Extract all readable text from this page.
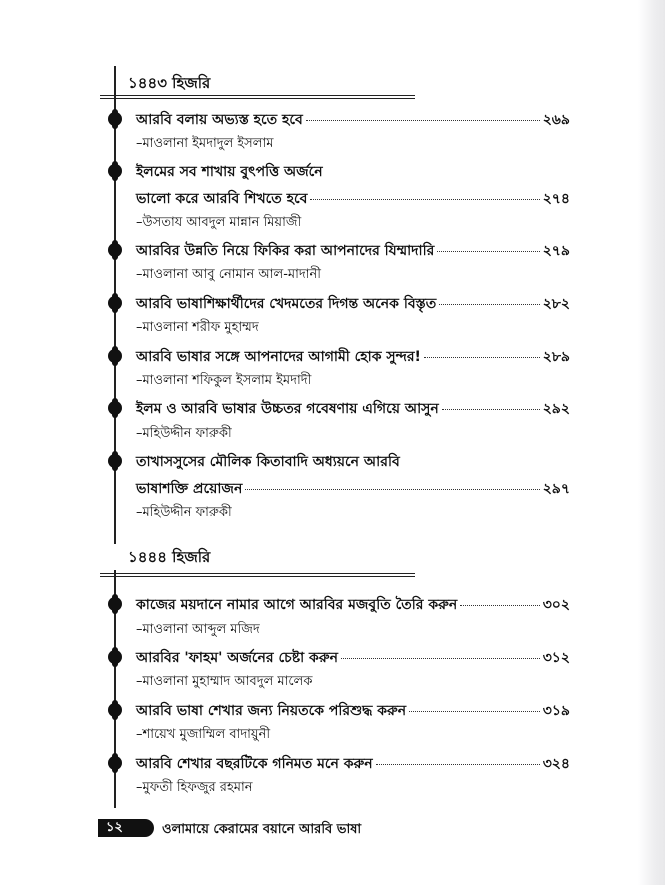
১৪৪৩ হিজরি
আরবি বলায় অভ্যস্ত হতে হবে	২৬৯
–মাওলানা ইমদাদুল ইসলাম
ইলমের সব শাখায় বুৎপত্তি অর্জনে
ভালো করে আরবি শিখতে হবে	২৭৪
–উসতায আবদুল মান্নান মিয়াজী
আরবির উন্নতি নিয়ে ফিকির করা আপনাদের যিম্মাদারি	২৭৯
–মাওলানা আবু নোমান আল-মাদানী
আরবি ভাষাশিক্ষার্থীদের খেদমতের দিগন্ত অনেক বিস্তৃত	২৮২
–মাওলানা শরীফ মুহাম্মদ
আরবি ভাষার সঙ্গে আপনাদের আগামী হোক সুন্দর!	২৮৯
–মাওলানা শফিকুল ইসলাম ইমদাদী
ইলম ও আরবি ভাষার উচ্চতর গবেষণায় এগিয়ে আসুন	২৯২
–মহিউদ্দীন ফারুকী
তাখাসসুসের মৌলিক কিতাবাদি অধ্যয়নে আরবি
ভাষাশক্তি প্রয়োজন	২৯৭
–মহিউদ্দীন ফারুকী
১৪৪৪ হিজরি
কাজের ময়দানে নামার আগে আরবির মজবুতি তৈরি করুন	৩০২
–মাওলানা আব্দুল মজিদ
আরবির 'ফাহম' অর্জনের চেষ্টা করুন	৩১২
–মাওলানা মুহাম্মাদ আবদুল মালেক
আরবি ভাষা শেখার জন্য নিয়তকে পরিশুদ্ধ করুন	৩১৯
–শায়েখ মুজাম্মিল বাদায়ুনী
আরবি শেখার বছরটিকে গনিমত মনে করুন	৩২৪
–মুফতী হিফজুর রহমান
১২	ওলামায়ে কেরামের বয়ানে আরবি ভাষা
